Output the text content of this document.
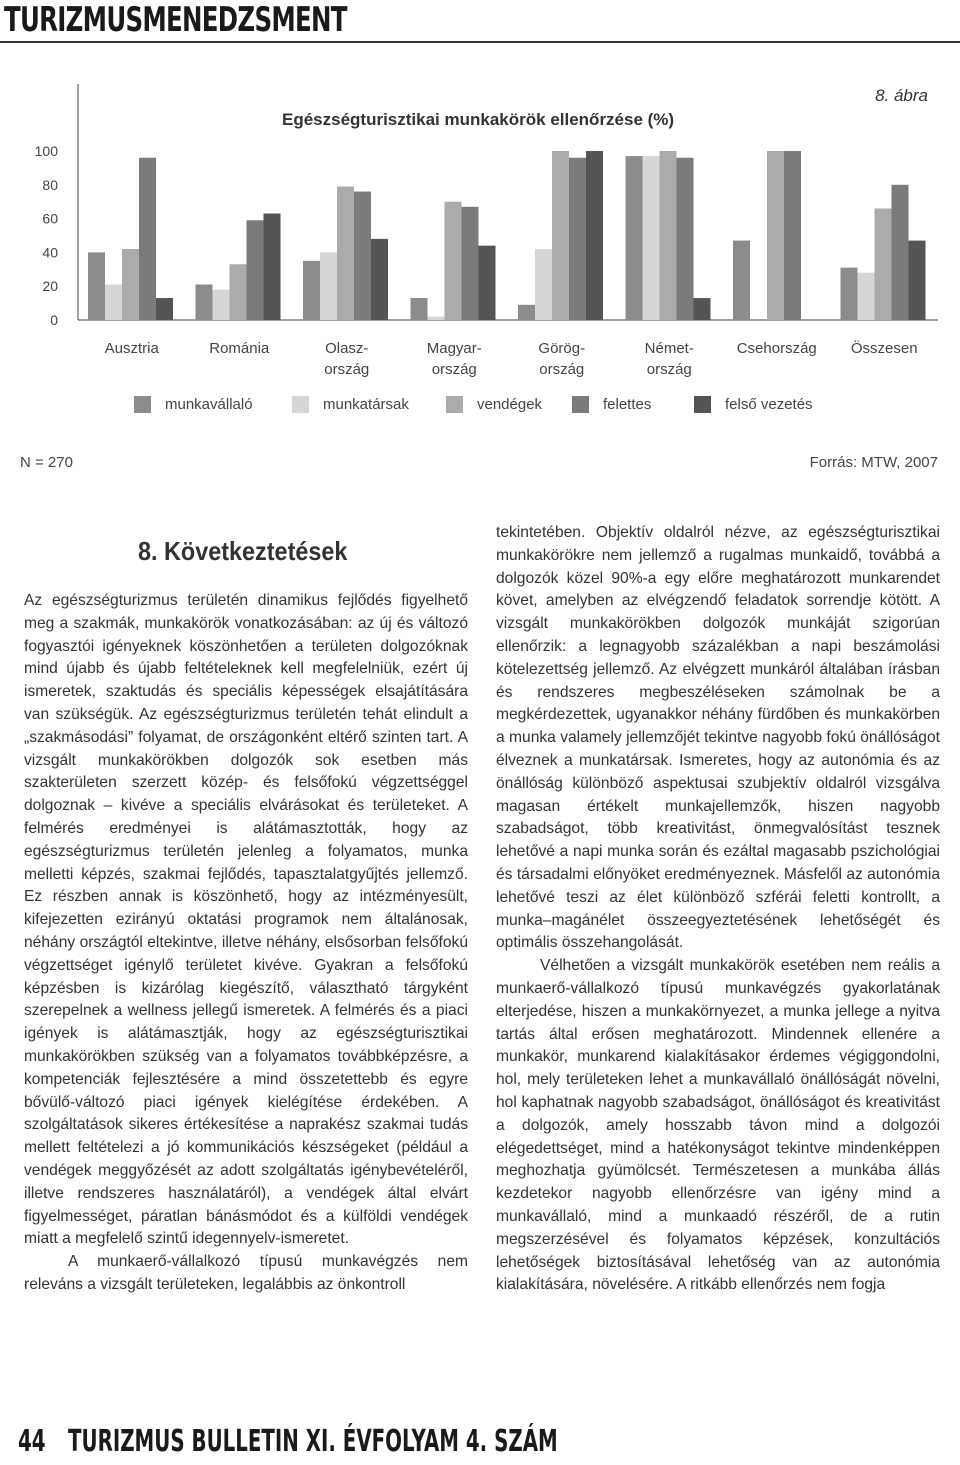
TURIZMUSMENEDZSMENT
8. ábra
Egészségturisztikai munkakörök ellenőrzése (%)
0
20
40
60
80
100
Ausztria	Románia	Olasz-
ország
Magyar-
ország
Görög-
ország
Német-
ország
Csehország Összesen
munkavállaló	munkatársak	vendégek	felettes	felső vezetés
N = 270	Forrás: MTW, 2007
8. Következtetések

Az egészségturizmus területén dinamikus fejlődés figyelhető meg a szakmák, munkakörök vonatkozásában: az új és változó fogyasztói igényeknek köszönhetően a területen dolgozóknak mind újabb és újabb feltételeknek kell megfelelniük, ezért új ismeretek, szaktudás és speciális képességek elsajátítására van szükségük. Az egészségturizmus területén tehát elindult a „szakmásodási” folyamat, de országonként eltérő szinten tart. A vizsgált munkakörökben dolgozók sok esetben más szakterületen szerzett közép- és felsőfokú végzettséggel dolgoznak – kivéve a speciális elvárásokat és területeket. A felmérés eredményei is alátámasztották, hogy az egészségturizmus területén jelenleg a folyamatos, munka melletti képzés, szakmai fejlődés, tapasztalatgyűjtés jellemző. Ez részben annak is köszönhető, hogy az intézményesült, kifejezetten ezirányú oktatási programok nem általánosak, néhány országtól eltekintve, illetve néhány, elsősorban felsőfokú végzettséget igénylő területet kivéve. Gyakran a felsőfokú képzésben is kizárólag kiegészítő, választható tárgyként szerepelnek a wellness jellegű ismeretek. A felmérés és a piaci igények is alátámasztják, hogy az egészségturisztikai munkakörökben szükség van a folyamatos továbbképzésre, a kompetenciák fejlesztésére a mind összetettebb és egyre bővülő-változó piaci igények kielégítése érdekében. A szolgáltatások sikeres értékesítése a naprakész szakmai tudás mellett feltételezi a jó kommunikációs készségeket (például a vendégek meggyőzését az adott szolgáltatás igénybevételéről, illetve rendszeres használatáról), a vendégek által elvárt figyelmességet, páratlan bánásmódot és a külföldi vendégek miatt a megfelelő szintű idegennyelv-ismeretet.

A munkaerő-vállalkozó típusú munkavégzés nem releváns a vizsgált területeken, legalábbis az önkontroll

tekintetében. Objektív oldalról nézve, az egészségturisztikai munkakörökre nem jellemző a rugalmas munkaidő, továbbá a dolgozók közel 90%-a egy előre meghatározott munkarendet követ, amelyben az elvégzendő feladatok sorrendje kötött. A vizsgált munkakörökben dolgozók munkáját szigorúan ellenőrzik: a legnagyobb százalékban a napi beszámolási kötelezettség jellemző. Az elvégzett munkáról általában írásban és rendszeres megbeszéléseken számolnak be a megkérdezettek, ugyanakkor néhány fürdőben és munkakörben a munka valamely jellemzőjét tekintve nagyobb fokú önállóságot élveznek a munkatársak. Ismeretes, hogy az autonómia és az önállóság különböző aspektusai szubjektív oldalról vizsgálva magasan értékelt munkajellemzők, hiszen nagyobb szabadságot, több kreativitást, önmegvalósítást tesznek lehetővé a napi munka során és ezáltal magasabb pszichológiai és társadalmi előnyöket eredményeznek. Másfelől az autonómia lehetővé teszi az élet különböző szférái feletti kontrollt, a munka–magánélet összeegyeztetésének lehetőségét és optimális összehangolását.

Vélhetően a vizsgált munkakörök esetében nem reális a munkaerő-vállalkozó típusú munkavégzés gyakorlatának elterjedése, hiszen a munkakörnyezet, a munka jellege a nyitva tartás által erősen meghatározott. Mindennek ellenére a munkakör, munkarend kialakításakor érdemes végiggondolni, hol, mely területeken lehet a munkavállaló önállóságát növelni, hol kaphatnak nagyobb szabadságot, önállóságot és kreativitást a dolgozók, amely hosszabb távon mind a dolgozói elégedettséget, mind a hatékonyságot tekintve mindenképpen meghozhatja gyümölcsét. Természetesen a munkába állás kezdetekor nagyobb ellenőrzésre van igény mind a munkavállaló, mind a munkaadó részéről, de a rutin megszerzésével és folyamatos képzések, konzultációs lehetőségek biztosításával lehetőség van az autonómia kialakítására, növelésére. A ritkább ellenőrzés nem fogja

44 TURIZMUS BULLETIN XI. ÉVFOLYAM 4. SZÁM
